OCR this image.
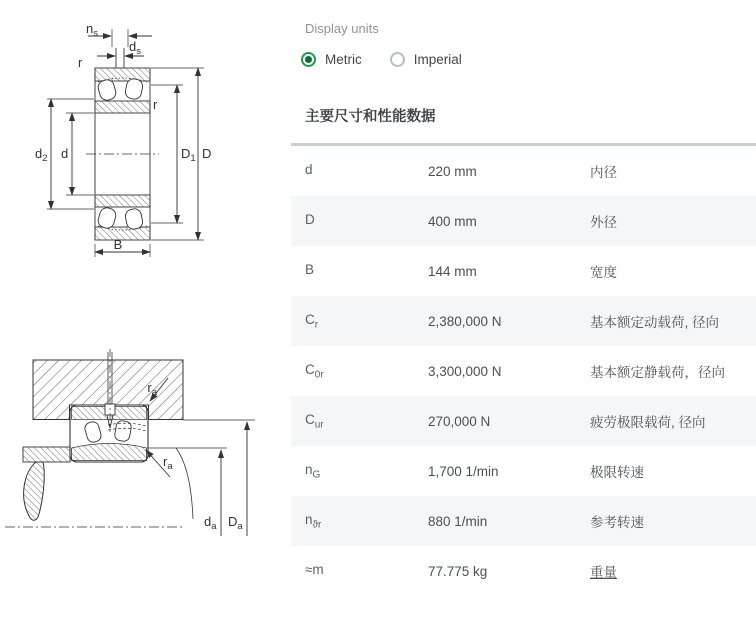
$n_s$
$d_s$
r
r
$d_2$ d	$D_1$ D
B
$r_a$
$r_a$
$d_a$ $D_a$
Display units
Metric	Imperial
主要尺寸和性能数据
d	220 mm	内径
D	400 mm	外径
B	144 mm	宽度
$C_r$	2,380,000 N	基本额定动载荷, 径向
$C_{0r}$	3,300,000 N	基本额定静载荷，径向
$C_{ur}$	270,000 N	疲劳极限载荷, 径向
$n_G$	1,700 1/min	极限转速
$n_{ϑr}$	880 1/min	参考转速
≈m	77.775 kg	重量
